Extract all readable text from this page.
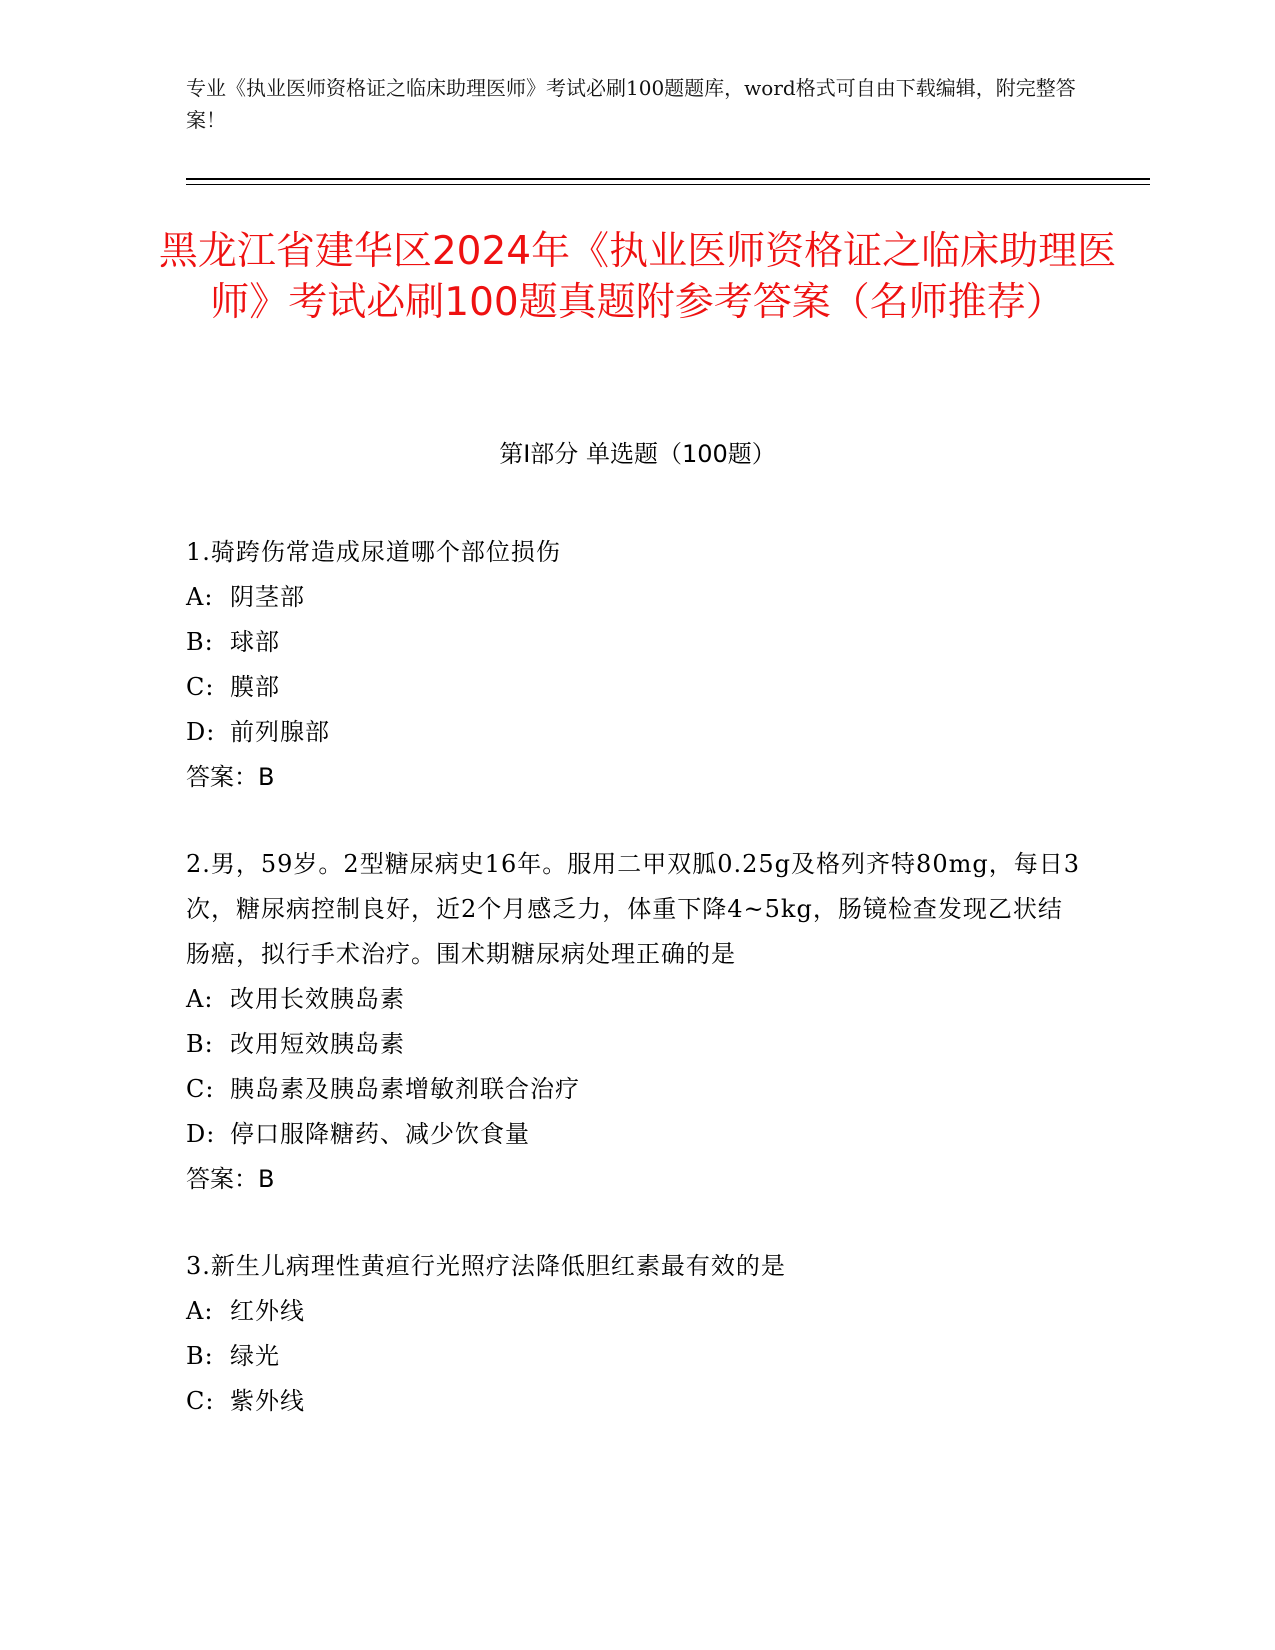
专业《执业医师资格证之临床助理医师》考试必刷100题题库，word格式可自由下载编辑，附完整答案！
黑龙江省建华区2024年《执业医师资格证之临床助理医师》考试必刷100题真题附参考答案（名师推荐）
第I部分 单选题（100题）
1.骑跨伤常造成尿道哪个部位损伤
A: 阴茎部
B: 球部
C: 膜部
D: 前列腺部
答案：B
2.男，59岁。2型糖尿病史16年。服用二甲双胍0.25g及格列齐特80mg，每日3次，糖尿病控制良好，近2个月感乏力，体重下降4~5kg，肠镜检查发现乙状结肠癌，拟行手术治疗。围术期糖尿病处理正确的是
A: 改用长效胰岛素
B: 改用短效胰岛素
C: 胰岛素及胰岛素增敏剂联合治疗
D: 停口服降糖药、减少饮食量
答案：B
3.新生儿病理性黄疸行光照疗法降低胆红素最有效的是
A: 红外线
B: 绿光
C: 紫外线
